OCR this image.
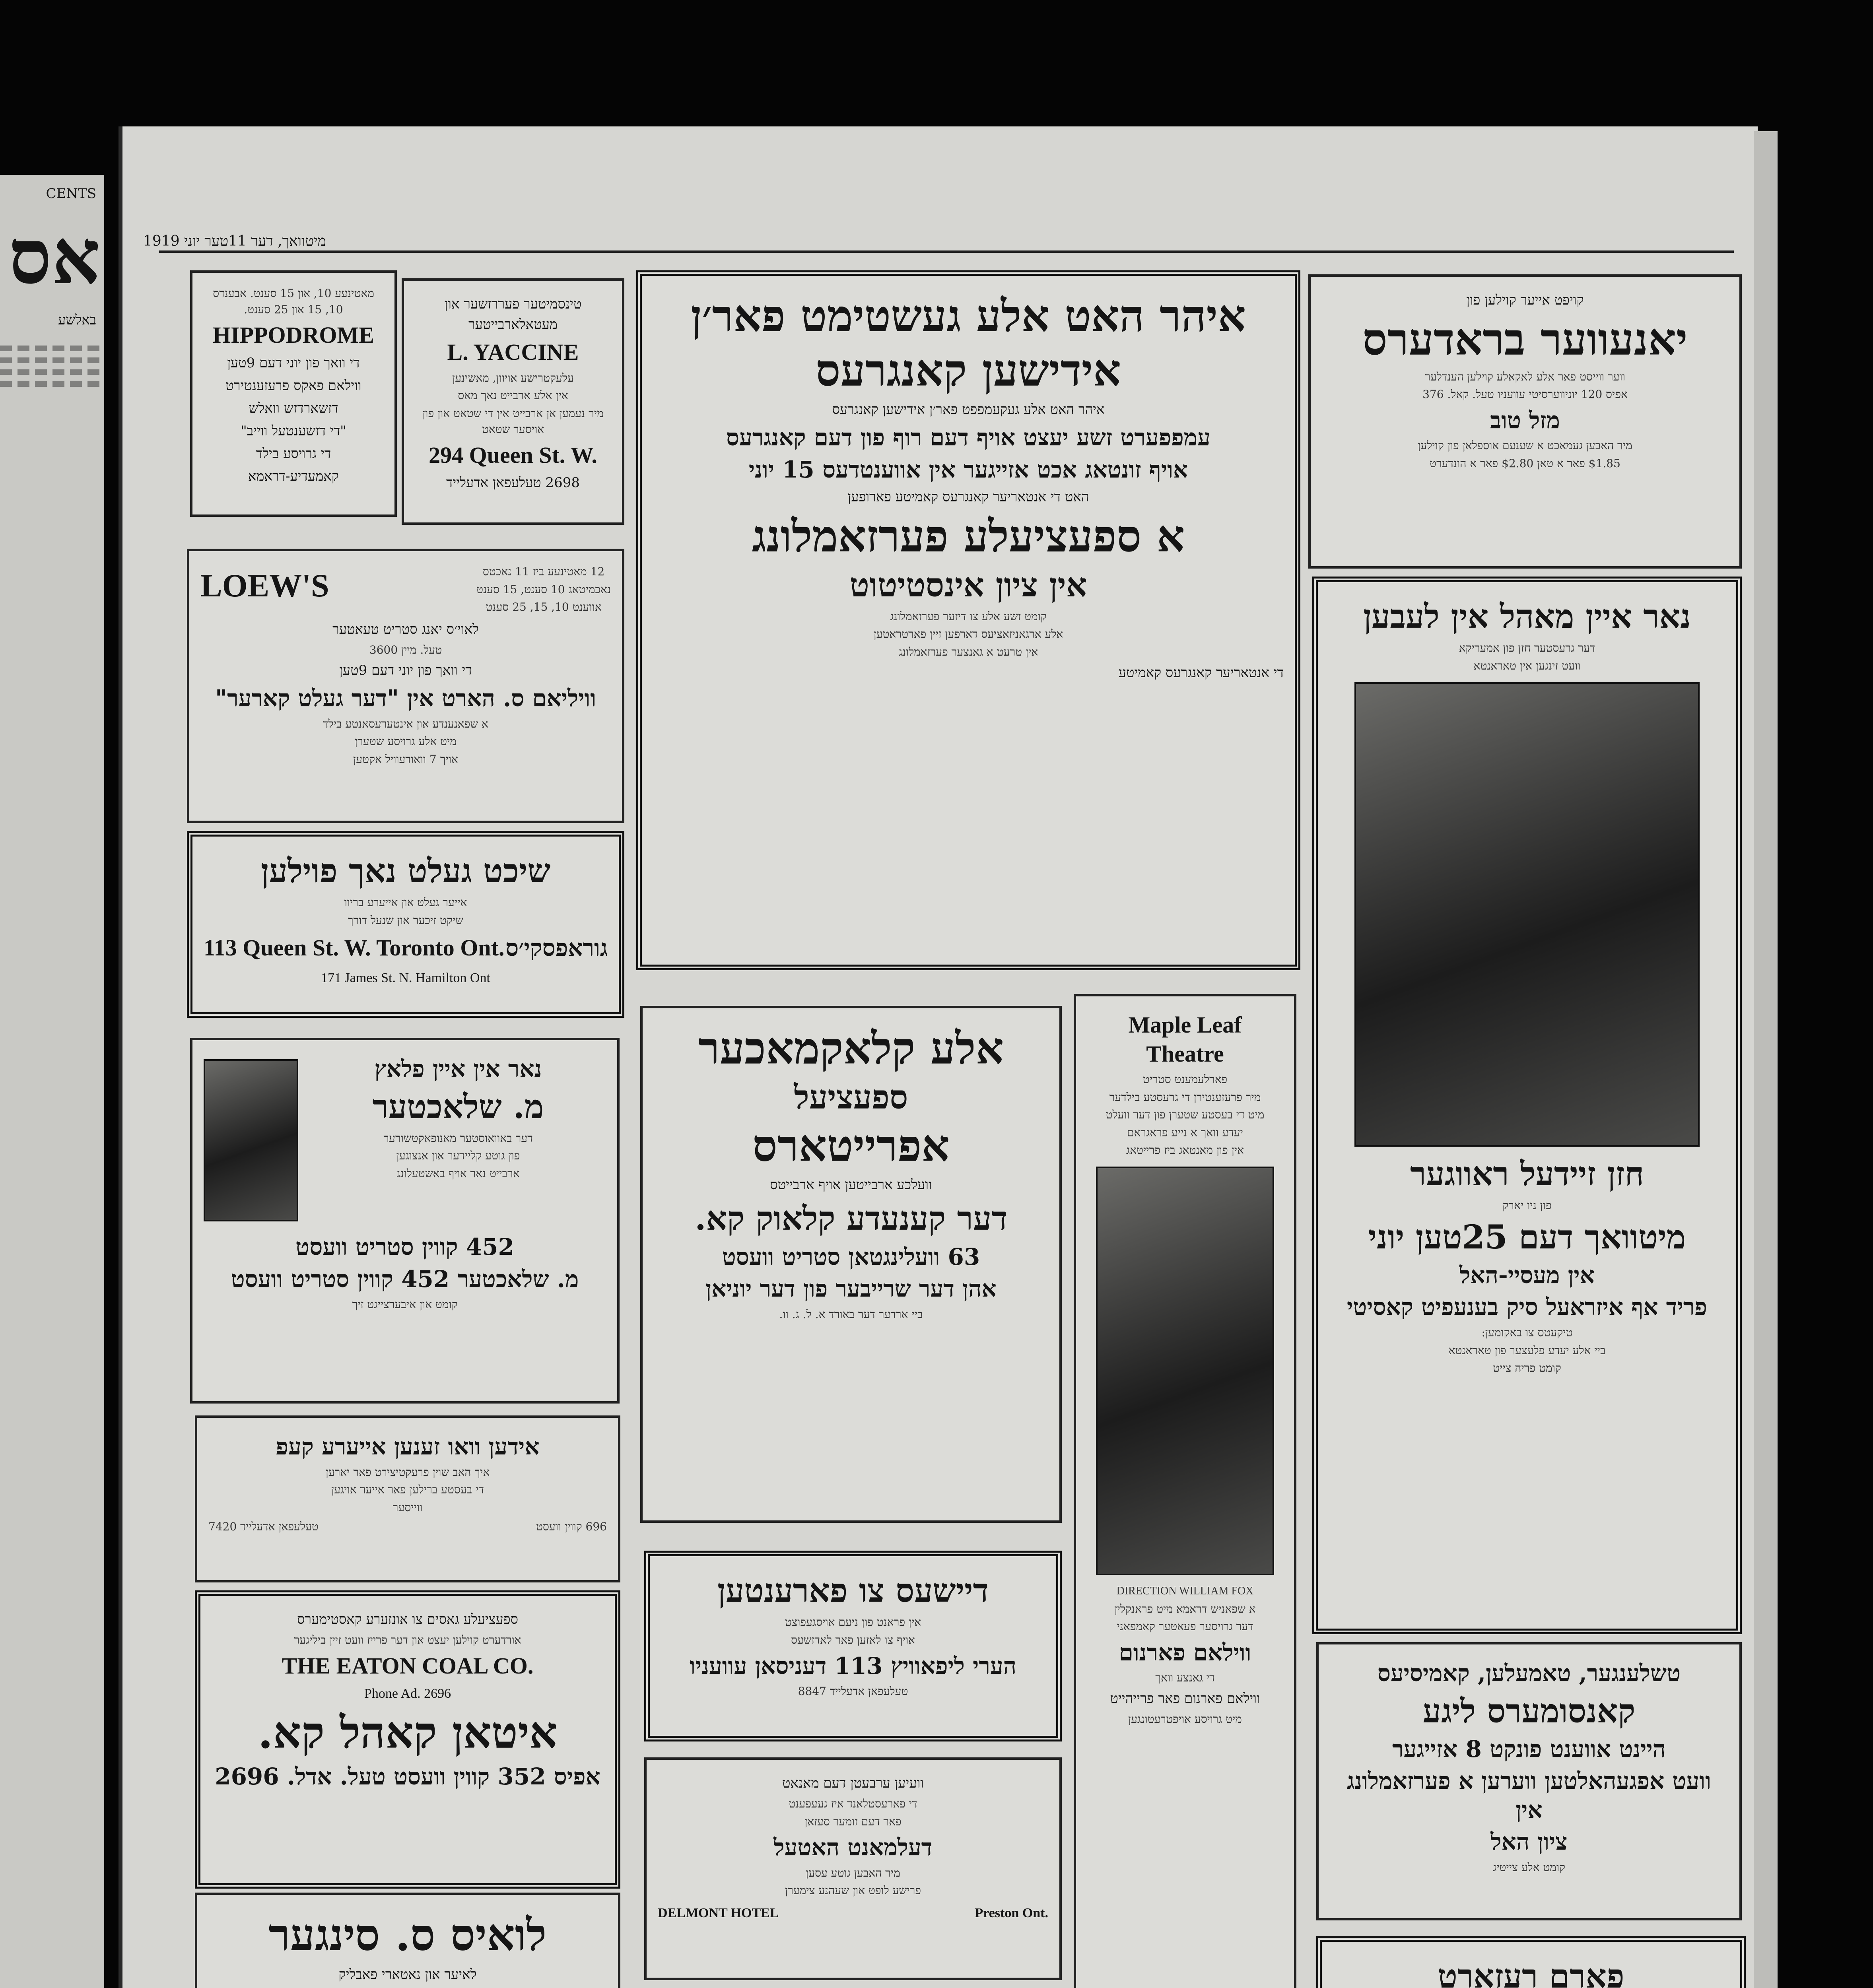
CENTS
אס
באלשע
מיטוואך, דער 11טער יוני 1919
מאטינעע 10, און 15 סענט. אבענדס 10, 15 און 25 סענט.
HIPPODROME
די וואך פון יוני דעם 9טען
ווילאם פאקס פרעזענטירט
דזשארדזש וואלש
"די דזשענטעל ווייב"
די גרויסע בילד
קאמעדיע-דראמא
טינסמיטער פעררזשער און מעטאלארבייטער
L. YACCINE
עלעקטרישע אויוון, מאשינען
אין אלע ארבייט נאך מאס
מיר נעמען אן ארבייט אין די שטאט און פון אויסער שטאט
294 Queen St. W.
2698 טעלעפאן אדעלייד
LOEW'S	12 מאטינעע ביז 11 נאכטס
נאכמיטאג 10 סענט, 15 סענט
אווענט 10, 15, 25 סענט
לאוי׳ס יאנג סטריט טעאטער
טעל. מיין 3600
די וואך פון יוני דעם 9טען
וויליאם ס. הארט אין "דער געלט קארער"
א שפאנענדע און אינטערעסאנטע בילד
מיט אלע גרויסע שטערן
אויך 7 וואודעוויל אקטען
שיכט געלט נאך פוילען
אייער געלט און אייערע בריוו
שיקט זיכער און שנעל דורך
113 Queen St. W. Toronto Ont. גוראפסקי׳ס
171 James St. N. Hamilton Ont
נאר אין איין פלאץ
מ. שלאכטער
דער באוואוסטער מאנופאקטשורער
פון גוטע קליידער און אנצוגען
ארבייט נאר אויף באשטעלונג
452 קווין סטריט וועסט
מ. שלאכטער 452 קווין סטריט וועסט
קומט און איבערצייגט זיך
אידען וואו זענען אייערע קעפ
איך האב שוין פרעקטיצירט פאר יארען
די בעסטע ברילען פאר אייער אויגען
ווייסער
696 קווין וועסט
טעלעפאן אדעלייד 7420
ספעציעלע גאסים צו אונזערע קאסטימערס
אורדערט קוילען יעצט און דער פרייז וועט זיין ביליגער
THE EATON COAL CO.
Phone Ad. 2696
איטאן קאהל קא.
אפיס 352 קווין וועסט טעל. אדל. 2696
לואיס ס. סינגער
לאיער און נאטארי פאבליק
איהר האט אלע געשטימט פאר׳ן
אידישען קאנגרעס
איהר האט אלע געקעמפפט פאר׳ן אידישען קאנגרעס
עמפפערט זשע יעצט אויף דעם רוף פון דעם קאנגרעס
אויף זונטאג אכט אזייגער אין אווענטדעס 15 יוני
האט די אנטאריער קאנגרעס קאמיטע פארופען
א ספעציעלע פערזאמלונג
אין ציון אינסטיטוט
קומט זשע אלע צו דיזער פערזאמלונג
אלע ארגאניזאציעס דארפען זיין פארטראטען
אין טרעט א גאנצער פערזאמלונג
די אנטאריער קאנגרעס קאמיטע
אלע קלאקמאכער
ספעציעל
אפרייטארס
וועלכע ארבייטען אויף ארבייטס
דער קענעדע קלאוק קא.
63 וועלינגטאן סטריט וועסט
אהן דער שרייבער פון דער יוניאן
ביי ארדער דער באורד א. ל. ג. וו.
Maple Leaf Theatre
פארלעמענט סטריט
מיר פרעזענטירן די גרעסטע בילדער
מיט די בעסטע שטערן פון דער וועלט
יעדע וואך א נייע פראגראם
אין פון מאנטאג ביז פרייטאג
DIRECTION WILLIAM FOX
א שפאניש דראמא מיט פראנקלין
דער גרויסער פעאטער קאמפאני
ווילאם פארנום
די גאנצע וואך
ווילאם פארנום פאר פרייהייט
מיט גרויסע אויפטרעטונגען
דיישעס צו פארענטען
אין פראנט פון ניעם אויסגעפוצט
אויף צו לאזען פאר לאדזשעס
הערי ליפאוויץ 113 דעניסאן עוועניו
טעלעפאן אדעלייד 8847
וועיען ערבעטן דעם מאנאט
די פארעסטלאנד איז געעפענט
פאר דעם זומער סעזאן
דעלמאנט האטעל
מיר האבען גוטע עסען
פרישע לופט און שעהנע צימערן
DELMONT HOTEL	Preston Ont.
קויפט אייער קוילען פון
יאנעווער בראדערס
ווער ווייסט פאר אלע לאקאלע קוילען הענדלער
אפיס 120 יוניווערסיטי עוועניו טעל. קאל. 376
מזל טוב
מיר האבען געמאכט א שענעם אוספלאן פון קוילען
$1.85 פאר א טאן $2.80 פאר א הונדערט
נאר איין מאהל אין לעבען
דער גרעסטער חזן פון אמעריקא
וועט זינגען אין טאראנטא
חזן זיידעל ראווגער
פון ניו יארק
מיטוואך דעם 25טען יוני
אין מעסיי-האל
פריד אף איזראעל סיק בענעפיט קאסיטי
טיקעטס צו באקומען:
ביי אלע יעדע פלעצער פון טאראנטא
קומט פריה צייט
טשלענגער, טאמעלען, קאמיסיעס
קאנסומערס ליגע
היינט אווענט פונקט 8 אזייגער
וועט אפגעהאלטען ווערען א פערזאמלונג אין
ציון האל
קומט אלע צייטיג
פארם רעזארט
